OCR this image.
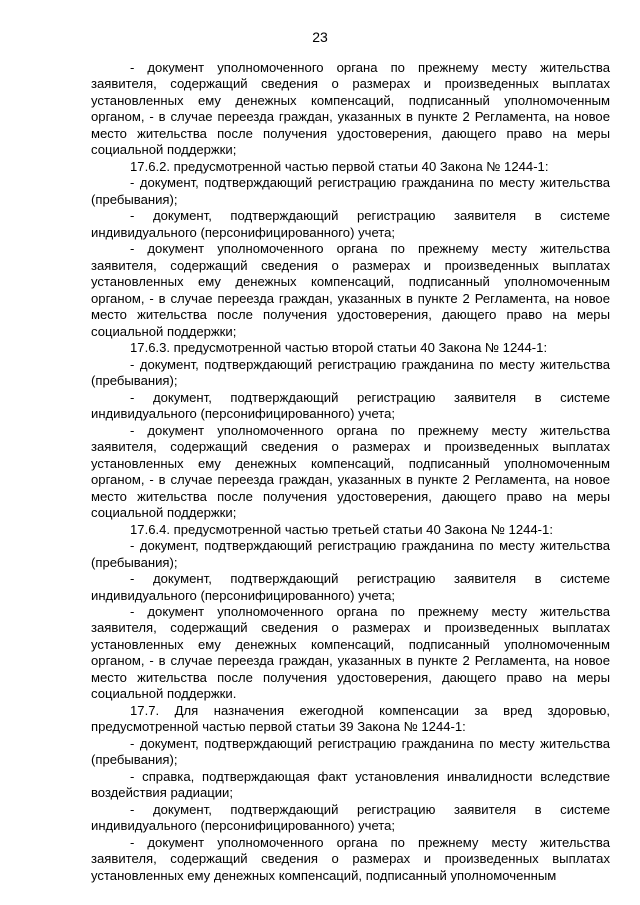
23

- документ уполномоченного органа по прежнему месту жительства заявителя, содержащий сведения о размерах и произведенных выплатах установленных ему денежных компенсаций, подписанный уполномоченным органом, - в случае переезда граждан, указанных в пункте 2 Регламента, на новое место жительства после получения удостоверения, дающего право на меры социальной поддержки;

17.6.2. предусмотренной частью первой статьи 40 Закона № 1244-1:

- документ, подтверждающий регистрацию гражданина по месту жительства (пребывания);

- документ, подтверждающий регистрацию заявителя в системе индивидуального (персонифицированного) учета;

- документ уполномоченного органа по прежнему месту жительства заявителя, содержащий сведения о размерах и произведенных выплатах установленных ему денежных компенсаций, подписанный уполномоченным органом, - в случае переезда граждан, указанных в пункте 2 Регламента, на новое место жительства после получения удостоверения, дающего право на меры социальной поддержки;

17.6.3. предусмотренной частью второй статьи 40 Закона № 1244-1:

- документ, подтверждающий регистрацию гражданина по месту жительства (пребывания);

- документ, подтверждающий регистрацию заявителя в системе индивидуального (персонифицированного) учета;

- документ уполномоченного органа по прежнему месту жительства заявителя, содержащий сведения о размерах и произведенных выплатах установленных ему денежных компенсаций, подписанный уполномоченным органом, - в случае переезда граждан, указанных в пункте 2 Регламента, на новое место жительства после получения удостоверения, дающего право на меры социальной поддержки;

17.6.4. предусмотренной частью третьей статьи 40 Закона № 1244-1:

- документ, подтверждающий регистрацию гражданина по месту жительства (пребывания);

- документ, подтверждающий регистрацию заявителя в системе индивидуального (персонифицированного) учета;

- документ уполномоченного органа по прежнему месту жительства заявителя, содержащий сведения о размерах и произведенных выплатах установленных ему денежных компенсаций, подписанный уполномоченным органом, - в случае переезда граждан, указанных в пункте 2 Регламента, на новое место жительства после получения удостоверения, дающего право на меры социальной поддержки.

17.7. Для назначения ежегодной компенсации за вред здоровью, предусмотренной частью первой статьи 39 Закона № 1244-1:

- документ, подтверждающий регистрацию гражданина по месту жительства (пребывания);

- справка, подтверждающая факт установления инвалидности вследствие воздействия радиации;

- документ, подтверждающий регистрацию заявителя в системе индивидуального (персонифицированного) учета;

- документ уполномоченного органа по прежнему месту жительства заявителя, содержащий сведения о размерах и произведенных выплатах установленных ему денежных компенсаций, подписанный уполномоченным
